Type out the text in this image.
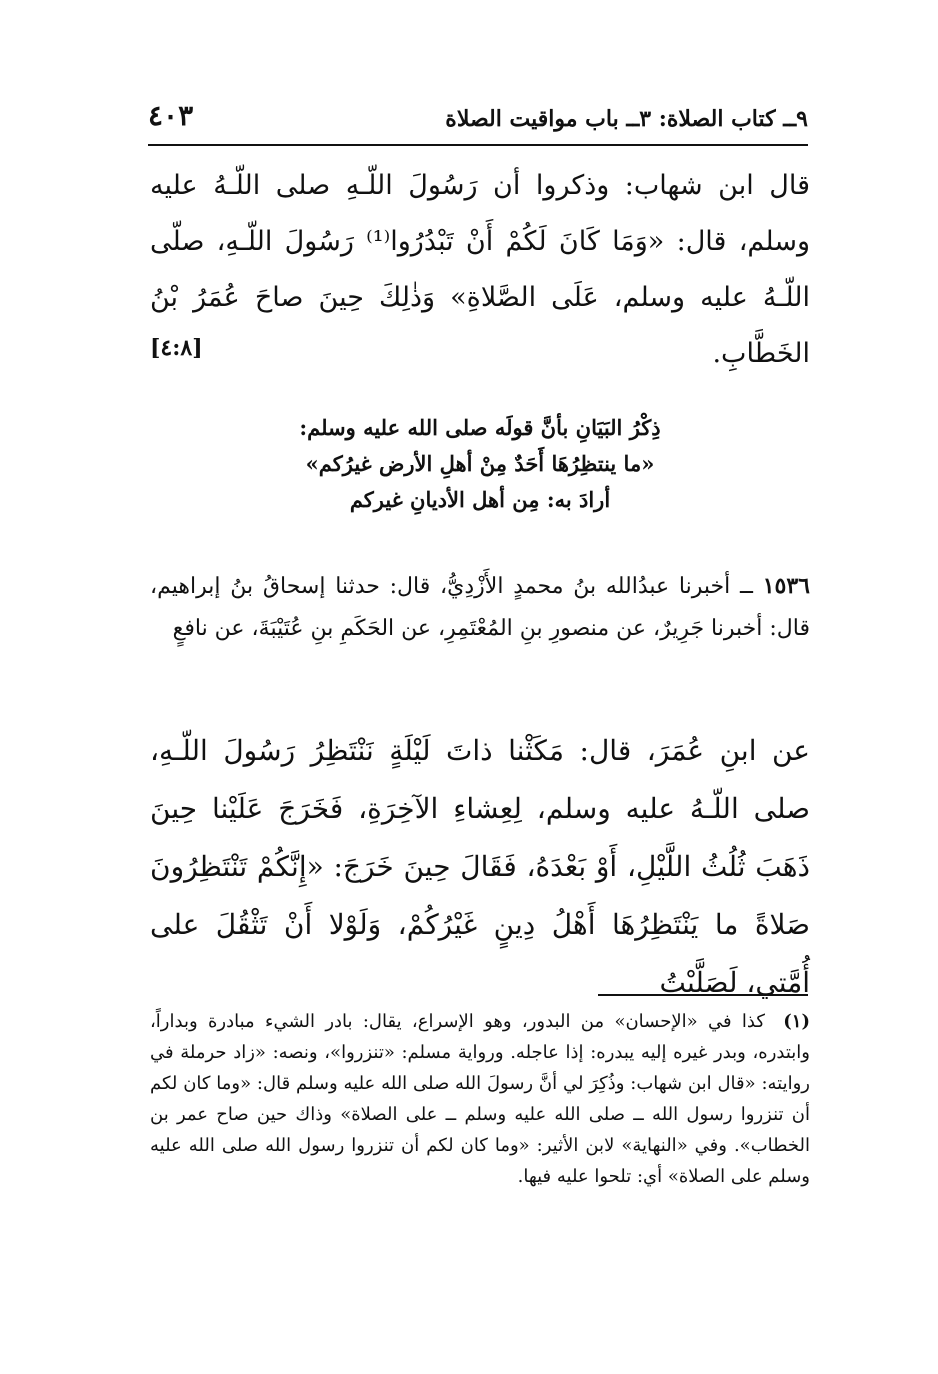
٩ــ كتاب الصلاة: ٣ــ باب مواقيت الصلاة
٤٠٣
قال ابن شهاب: وذكروا أن رَسُولَ اللّـهِ صلى اللّـهُ عليه وسلم، قال: «وَمَا كَانَ لَكُمْ أَنْ تَبْدُرُوا⁽¹⁾ رَسُولَ اللّـهِ، صلّى اللّـهُ عليه وسلم، عَلَى الصَّلاةِ» وَذٰلِكَ حِينَ صاحَ عُمَرُ بْنُ الخَطَّابِ.
[٤:٨]
ذِكْرُ البَيَانِ بأنَّ قولَه صلى الله عليه وسلم:
«ما ينتظِرُهَا أَحَدٌ مِنْ أهلِ الأرض غيرُكم»
أرادَ به: مِن أهل الأديانِ غيركم
١٥٣٦ ــ أخبرنا عبدُالله بنُ محمدٍ الأَزْدِيُّ، قال: حدثنا إسحاقُ بنُ إبراهيم، قال: أخبرنا جَرِيرٌ، عن منصورِ بنِ المُعْتَمِرِ، عن الحَكَمِ بنِ عُتَيْبَةَ، عن نافعٍ
عن ابنِ عُمَرَ، قال: مَكَثْنا ذاتَ لَيْلَةٍ نَنْتَظِرُ رَسُولَ اللّـهِ، صلى اللّـهُ عليه وسلم، لِعِشاءِ الآخِرَةِ، فَخَرَجَ عَلَيْنا حِينَ ذَهَبَ ثُلُثُ اللَّيْلِ، أَوْ بَعْدَهُ، فَقَالَ حِينَ خَرَجَ: «إِنَّكُمْ تَنْتَظِرُونَ صَلاةً ما يَنْتَظِرُهَا أَهْلُ دِينٍ غَيْرُكُمْ، وَلَوْلا أَنْ تَثْقُلَ على أُمَّتي، لَصَلَّيْتُ
(١) كذا في «الإحسان» من البدور، وهو الإسراع، يقال: بادر الشيء مبادرة وبداراً، وابتدره، وبدر غيره إليه يبدره: إذا عاجله. ورواية مسلم: «تنزروا»، ونصه: «زاد حرملة في روايته: «قال ابن شهاب: وذُكِرَ لي أنَّ رسولَ الله صلى الله عليه وسلم قال: «وما كان لكم أن تنزروا رسول الله ــ صلى الله عليه وسلم ــ على الصلاة» وذاك حين صاح عمر بن الخطاب». وفي «النهاية» لابن الأثير: «وما كان لكم أن تنزروا رسول الله صلى الله عليه وسلم على الصلاة» أي: تلحوا عليه فيها.
